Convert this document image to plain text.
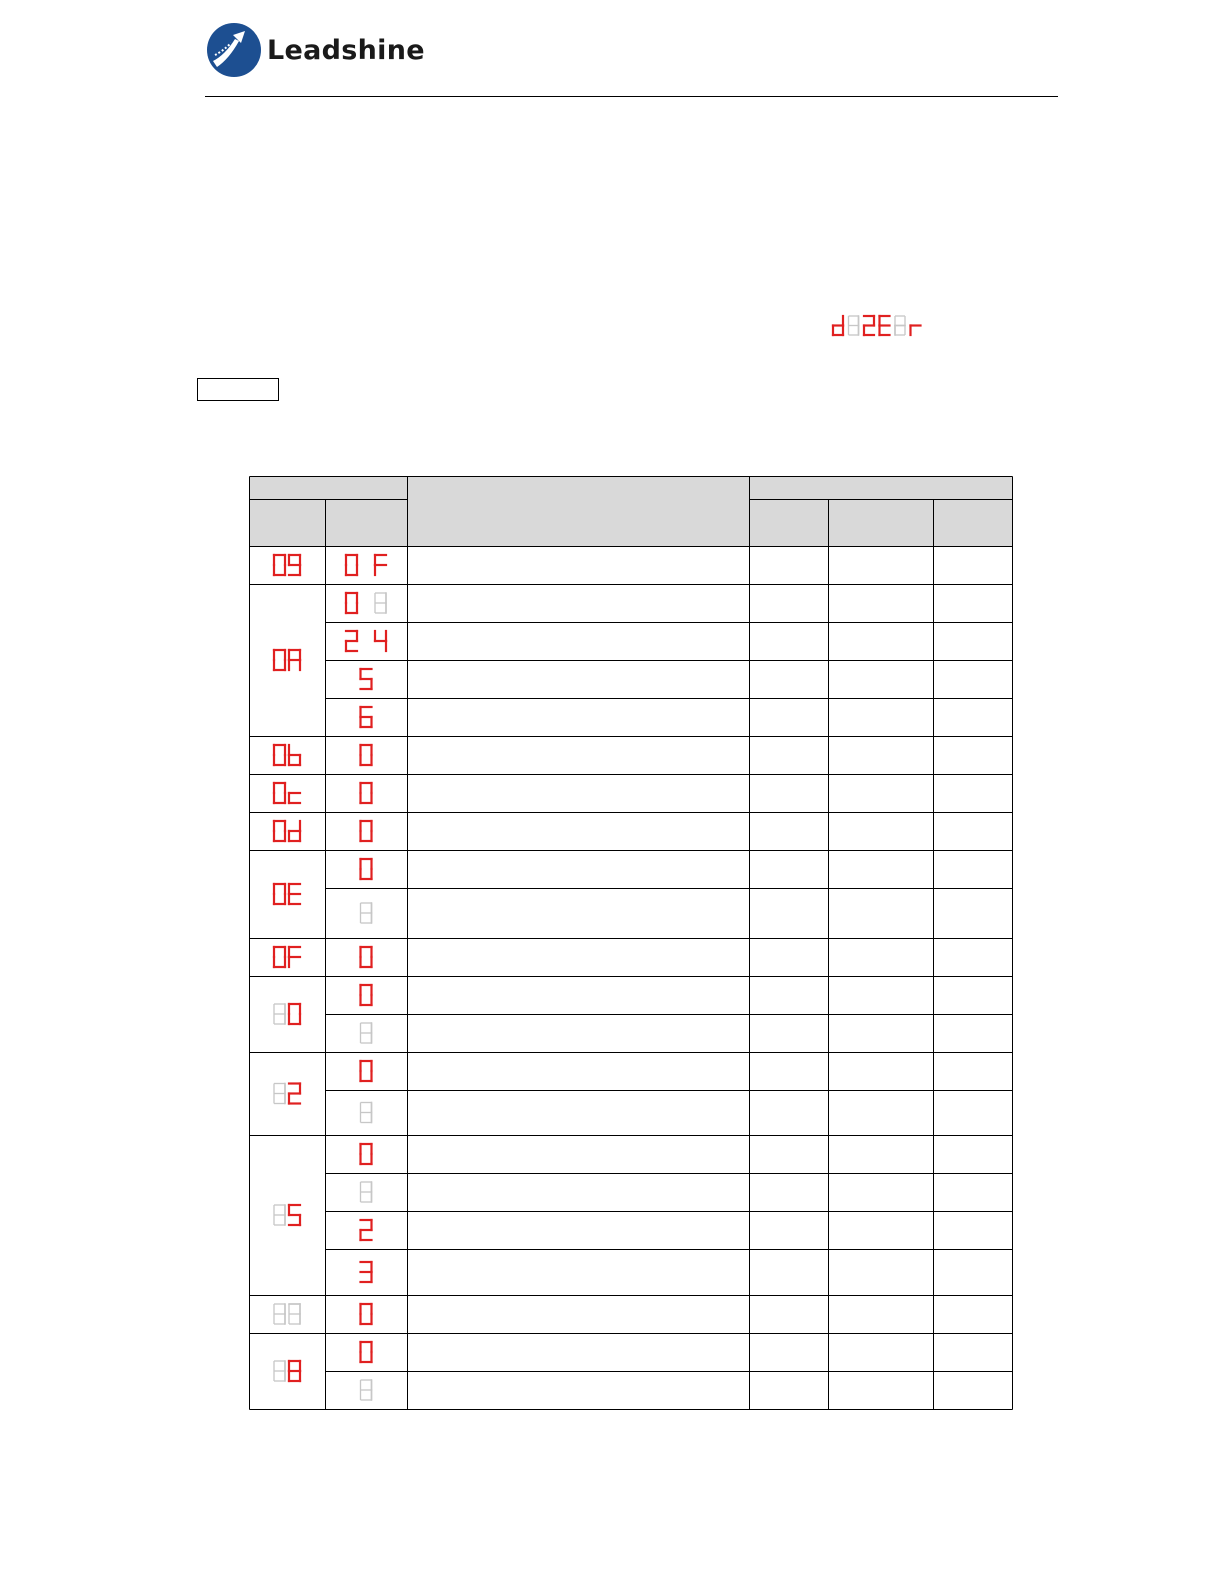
Leadshine
